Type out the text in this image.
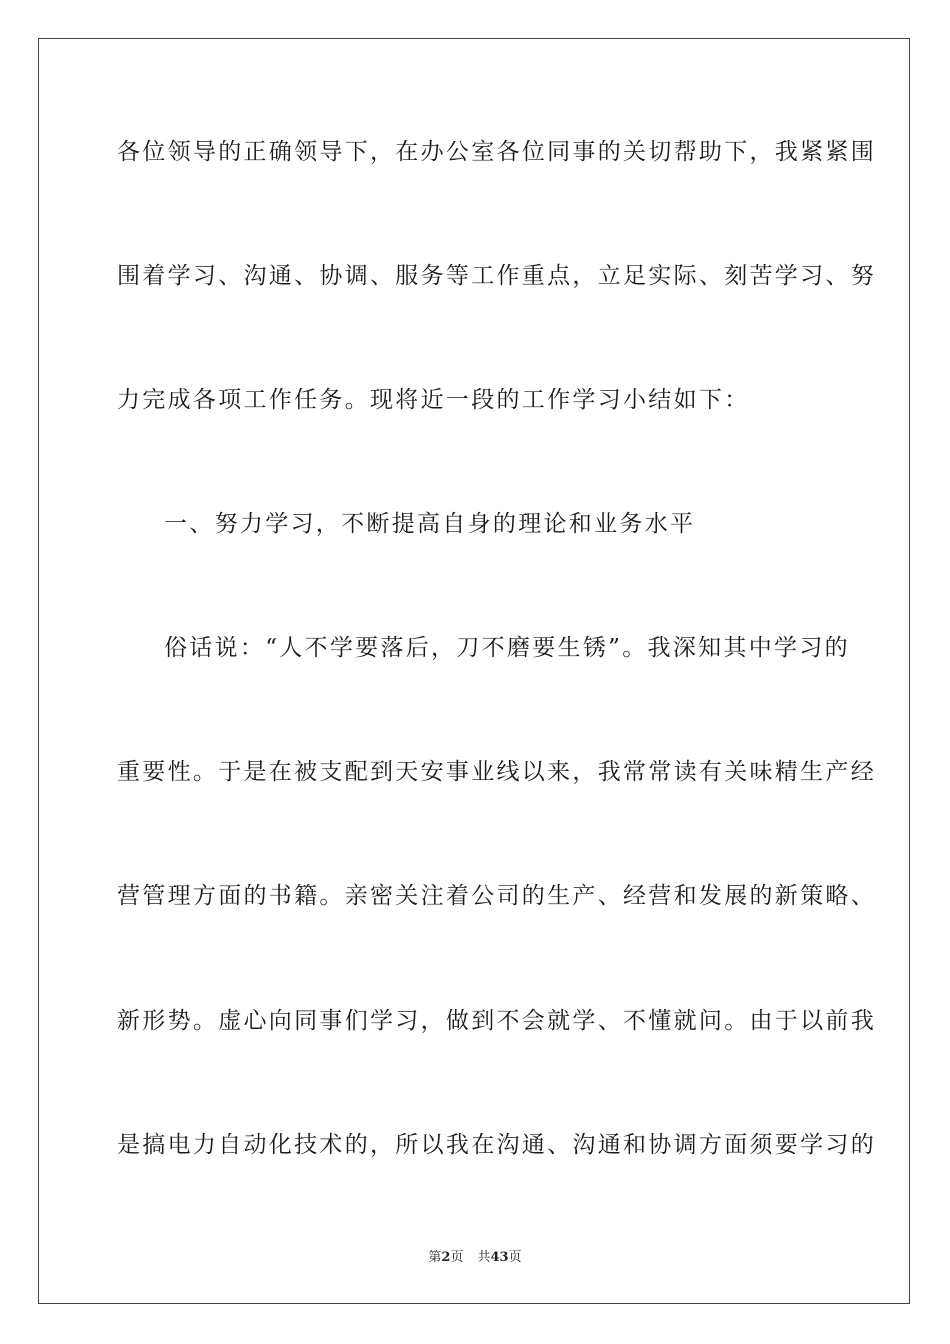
各位领导的正确领导下，在办公室各位同事的关切帮助下，我紧紧围
围着学习、沟通、协调、服务等工作重点，立足实际、刻苦学习、努
力完成各项工作任务。现将近一段的工作学习小结如下：
一、努力学习，不断提高自身的理论和业务水平
俗话说：“人不学要落后，刀不磨要生锈”。我深知其中学习的
重要性。于是在被支配到天安事业线以来，我常常读有关味精生产经
营管理方面的书籍。亲密关注着公司的生产、经营和发展的新策略、
新形势。虚心向同事们学习，做到不会就学、不懂就问。由于以前我
是搞电力自动化技术的，所以我在沟通、沟通和协调方面须要学习的
第2页 共43页
